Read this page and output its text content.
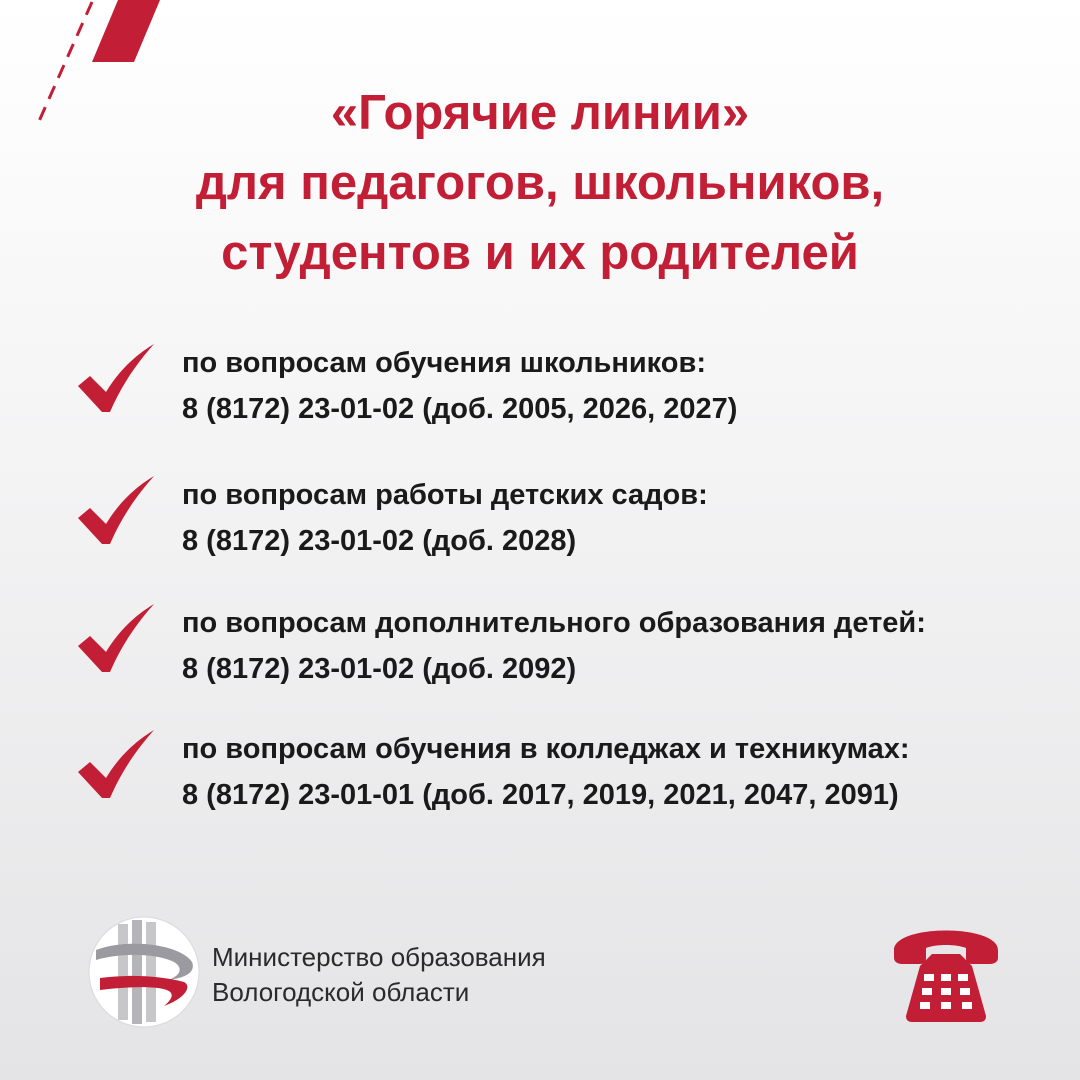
«Горячие линии»
для педагогов, школьников,
студентов и их родителей
по вопросам обучения школьников:
8 (8172) 23-01-02 (доб. 2005, 2026, 2027)
по вопросам работы детских садов:
8 (8172) 23-01-02 (доб. 2028)
по вопросам дополнительного образования детей:
8 (8172) 23-01-02 (доб. 2092)
по вопросам обучения в колледжах и техникумах:
8 (8172) 23-01-01 (доб. 2017, 2019, 2021, 2047, 2091)
Министерство образования
Вологодской области
